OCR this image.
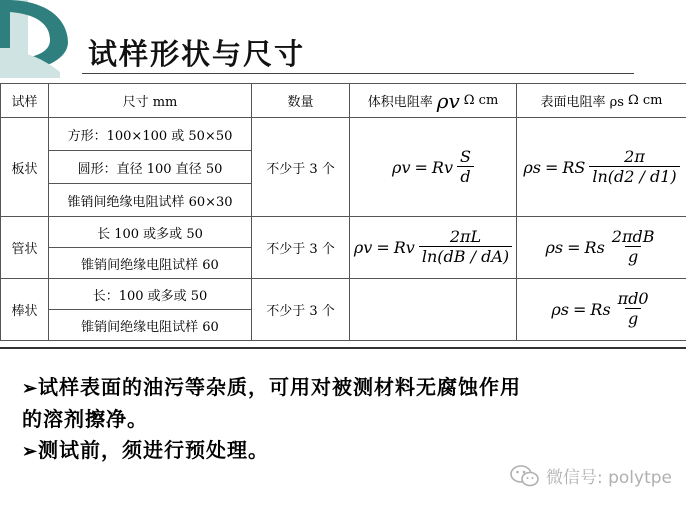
试样形状与尺寸
试样	尺寸 mm	数量	体积电阻率 ρv Ω cm	表面电阻率 ρs Ω cm

板状	方形：100×100 或 50×50	不少于 3 个	ρv = Rv $\frac{S}{d}$	ρs = RS $\frac{2\pi}{\ln(d2 / d1)}$

	圆形：直径 100 直径 50			
	锥销间绝缘电阻试样 60×30			
管状	长 100 或多或 50	不少于 3 个	ρv = Rv $\frac{2\pi L}{\ln(dB / dA)}$	ρs = Rs $\frac{\text{2πdB}}{g}$

	锥销间绝缘电阻试样 60			
棒状	长：100 或多或 50	不少于 3 个		ρs = Rs $\frac{\pi d0}{g}$

	锥销间绝缘电阻试样 60			
➢试样表面的油污等杂质，可用对被测材料无腐蚀作用
的溶剂擦净。
➢测试前，须进行预处理。
微信号: polytpe
